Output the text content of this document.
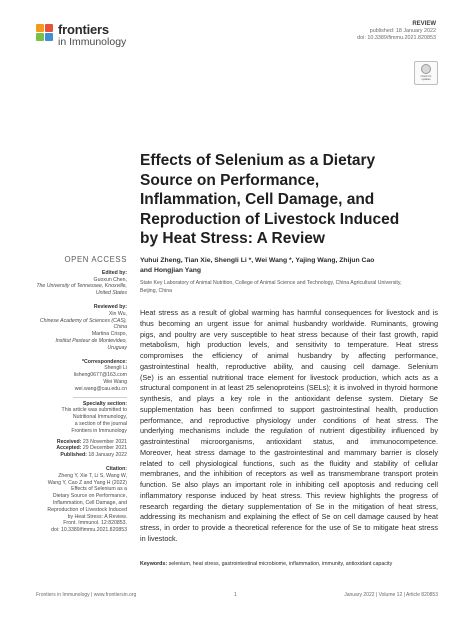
frontiers
in Immunology
REVIEW
published: 18 January 2022
doi: 10.3389/fimmu.2021.820853
Check for
updates
Effects of Selenium as a Dietary
Source on Performance,
Inflammation, Cell Damage, and
Reproduction of Livestock Induced
by Heat Stress: A Review
Yuhui Zheng, Tian Xie, Shengli Li *, Wei Wang *, Yajing Wang, Zhijun Cao
and Hongjian Yang
State Key Laboratory of Animal Nutrition, College of Animal Science and Technology, China Agricultural University,
Beijing, China
Heat stress as a result of global warming has harmful consequences for livestock and is
thus becoming an urgent issue for animal husbandry worldwide. Ruminants, growing
pigs, and poultry are very susceptible to heat stress because of their fast growth, rapid
metabolism, high production levels, and sensitivity to temperature. Heat stress
compromises the efficiency of animal husbandry by affecting performance,
gastrointestinal health, reproductive ability, and causing cell damage. Selenium
(Se) is an essential nutritional trace element for livestock production, which acts as a
structural component in at least 25 selenoproteins (SELs); it is involved in thyroid hormone
synthesis, and plays a key role in the antioxidant defense system. Dietary Se
supplementation has been confirmed to support gastrointestinal health, production
performance, and reproductive physiology under conditions of heat stress. The
underlying mechanisms include the regulation of nutrient digestibility influenced by
gastrointestinal microorganisms, antioxidant status, and immunocompetence.
Moreover, heat stress damage to the gastrointestinal and mammary barrier is closely
related to cell physiological functions, such as the fluidity and stability of cellular
membranes, and the inhibition of receptors as well as transmembrane transport protein
function. Se also plays an important role in inhibiting cell apoptosis and reducing cell
inflammatory response induced by heat stress. This review highlights the progress of
research regarding the dietary supplementation of Se in the mitigation of heat stress,
addressing its mechanism and explaining the effect of Se on cell damage caused by heat
stress, in order to provide a theoretical reference for the use of Se to mitigate heat stress
in livestock.
Keywords: selenium, heat stress, gastrointestinal microbiome, inflammation, immunity, antioxidant capacity
OPEN ACCESS
Edited by:
Guoxun Chen,
The University of Tennessee, Knoxville,
United States
Reviewed by:
Xin Wu,
Chinese Academy of Sciences (CAS),
China
Martina Crispo,
Institut Pasteur de Montevideo,
Uruguay
*Correspondence:
Shengli Li
lisheng0677@163.com
Wei Wang
wei.wang@cau.edu.cn
Specialty section:
This article was submitted to
Nutritional Immunology,
a section of the journal
Frontiers in Immunology
Received: 23 November 2021
Accepted: 29 December 2021
Published: 18 January 2022
Citation:
Zheng Y, Xie T, Li S, Wang W,
Wang Y, Cao Z and Yang H (2022)
Effects of Selenium as a
Dietary Source on Performance,
Inflammation, Cell Damage, and
Reproduction of Livestock Induced
by Heat Stress: A Review.
Front. Immunol. 12:820853.
doi: 10.3389/fimmu.2021.820853
Frontiers in Immunology | www.frontiersin.org	1	January 2022 | Volume 12 | Article 820853
